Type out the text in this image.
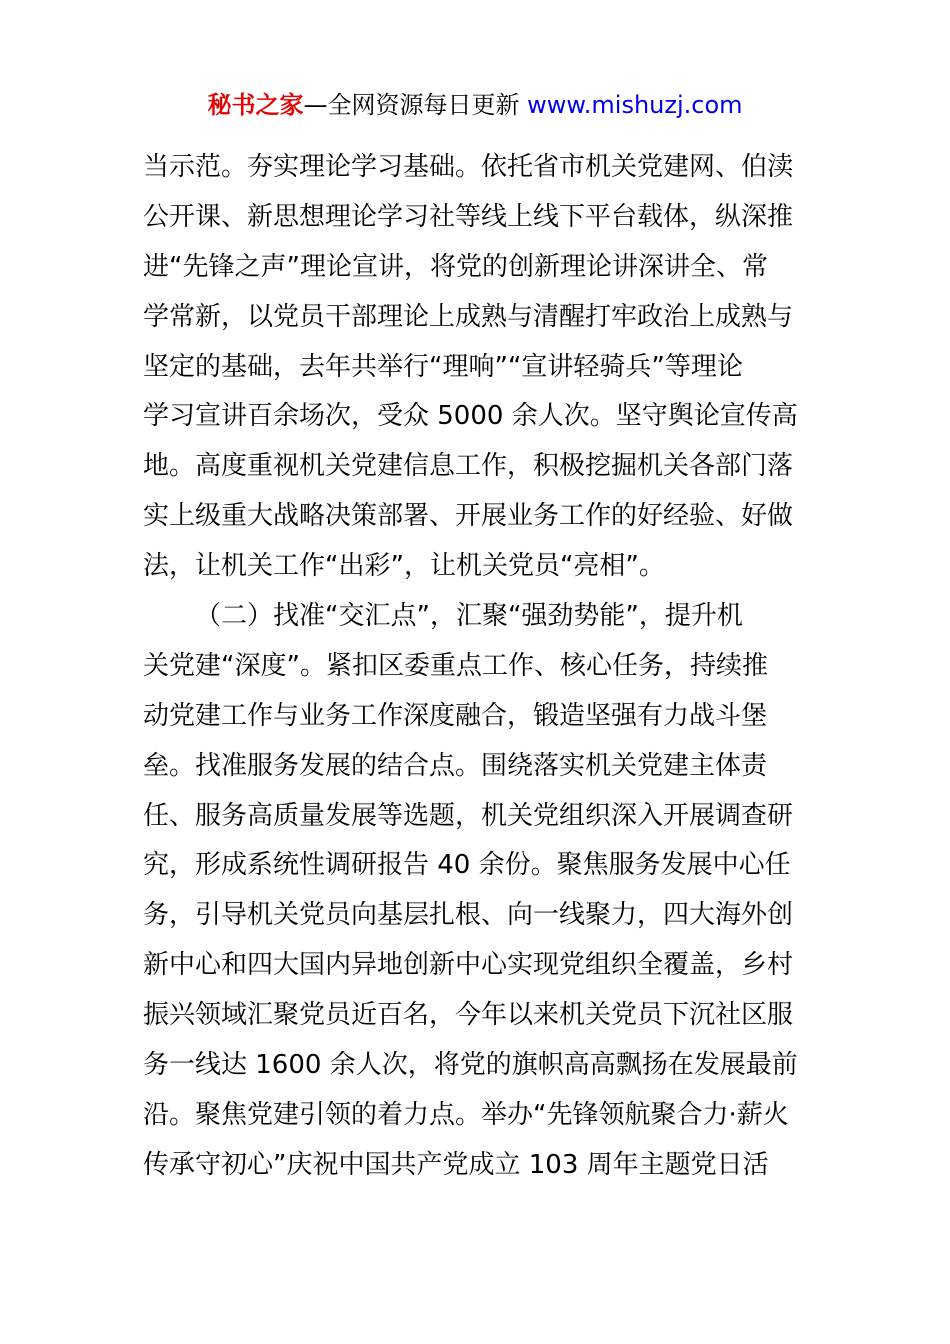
秘书之家—全网资源每日更新 www.mishuzj.com
当示范。夯实理论学习基础。依托省市机关党建网、伯渎
公开课、新思想理论学习社等线上线下平台载体，纵深推
进“先锋之声”理论宣讲，将党的创新理论讲深讲全、常
学常新，以党员干部理论上成熟与清醒打牢政治上成熟与
坚定的基础，去年共举行“理响”“宣讲轻骑兵”等理论
学习宣讲百余场次，受众 5000 余人次。坚守舆论宣传高
地。高度重视机关党建信息工作，积极挖掘机关各部门落
实上级重大战略决策部署、开展业务工作的好经验、好做
法，让机关工作“出彩”，让机关党员“亮相”。
（二）找准“交汇点”，汇聚“强劲势能”，提升机
关党建“深度”。紧扣区委重点工作、核心任务，持续推
动党建工作与业务工作深度融合，锻造坚强有力战斗堡
垒。找准服务发展的结合点。围绕落实机关党建主体责
任、服务高质量发展等选题，机关党组织深入开展调查研
究，形成系统性调研报告 40 余份。聚焦服务发展中心任
务，引导机关党员向基层扎根、向一线聚力，四大海外创
新中心和四大国内异地创新中心实现党组织全覆盖，乡村
振兴领域汇聚党员近百名，今年以来机关党员下沉社区服
务一线达 1600 余人次，将党的旗帜高高飘扬在发展最前
沿。聚焦党建引领的着力点。举办“先锋领航聚合力·薪火
传承守初心”庆祝中国共产党成立 103 周年主题党日活
